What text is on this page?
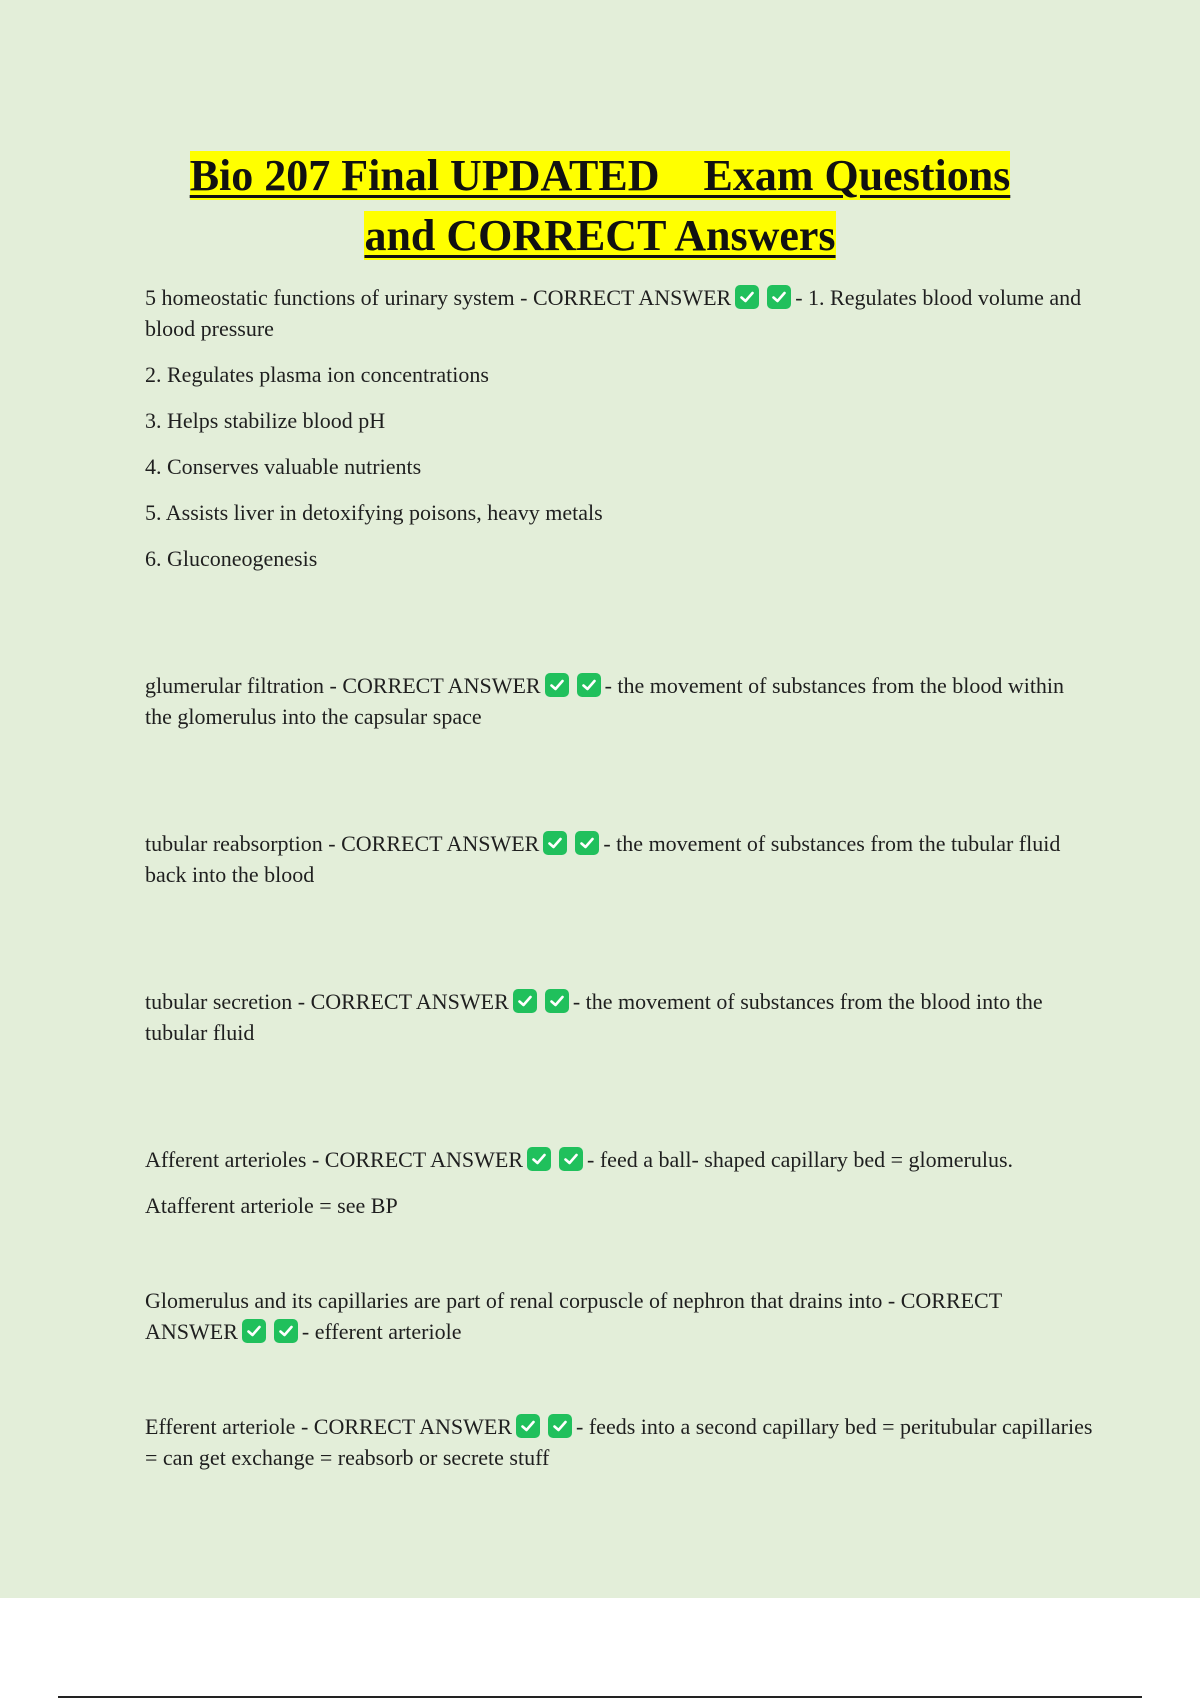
Bio 207 Final UPDATED    Exam Questions
and CORRECT Answers

5 homeostatic functions of urinary system - CORRECT ANSWER	- 1. Regulates blood volume and blood pressure

2. Regulates plasma ion concentrations

3. Helps stabilize blood pH

4. Conserves valuable nutrients

5. Assists liver in detoxifying poisons, heavy metals

6. Gluconeogenesis

glumerular filtration - CORRECT ANSWER	- the movement of substances from the blood within the glomerulus into the capsular space

tubular reabsorption - CORRECT ANSWER	- the movement of substances from the tubular fluid back into the blood

tubular secretion - CORRECT ANSWER	- the movement of substances from the blood into the tubular fluid

Afferent arterioles - CORRECT ANSWER	- feed a ball- shaped capillary bed = glomerulus.

Atafferent arteriole = see BP

Glomerulus and its capillaries are part of renal corpuscle of nephron that drains into - CORRECT ANSWER	- efferent arteriole

Efferent arteriole - CORRECT ANSWER	- feeds into a second capillary bed = peritubular capillaries = can get exchange = reabsorb or secrete stuff
